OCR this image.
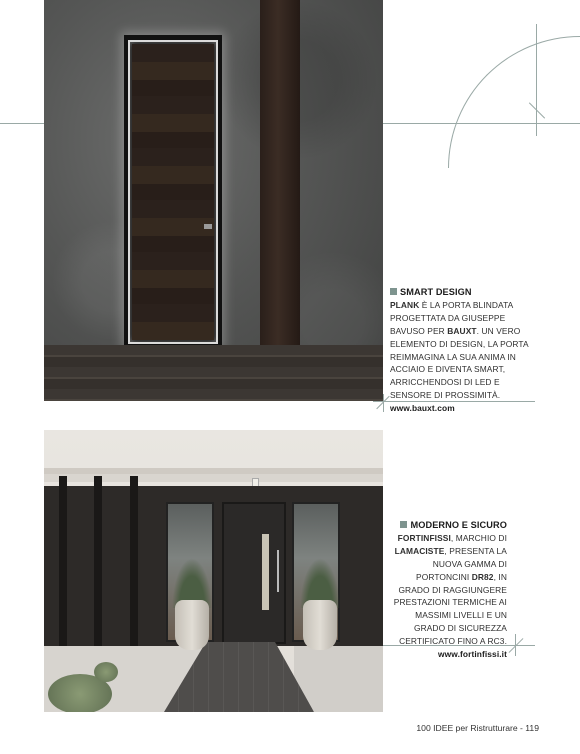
SMART DESIGN
PLANK È LA PORTA BLINDATA PROGETTATA DA GIUSEPPE BAVUSO PER BAUXT. UN VERO ELEMENTO DI DESIGN, LA PORTA REIMMAGINA LA SUA ANIMA IN ACCIAIO E DIVENTA SMART, ARRICCHENDOSI DI LED E SENSORE DI PROSSIMITÀ.
www.bauxt.com
MODERNO E SICURO
FORTINFISSI, MARCHIO DI LAMACISTE, PRESENTA LA NUOVA GAMMA DI PORTONCINI DR82, IN GRADO DI RAGGIUNGERE PRESTAZIONI TERMICHE AI MASSIMI LIVELLI E UN GRADO DI SICUREZZA CERTIFICATO FINO A RC3.
www.fortinfissi.it
100 IDEE per Ristrutturare - 119
